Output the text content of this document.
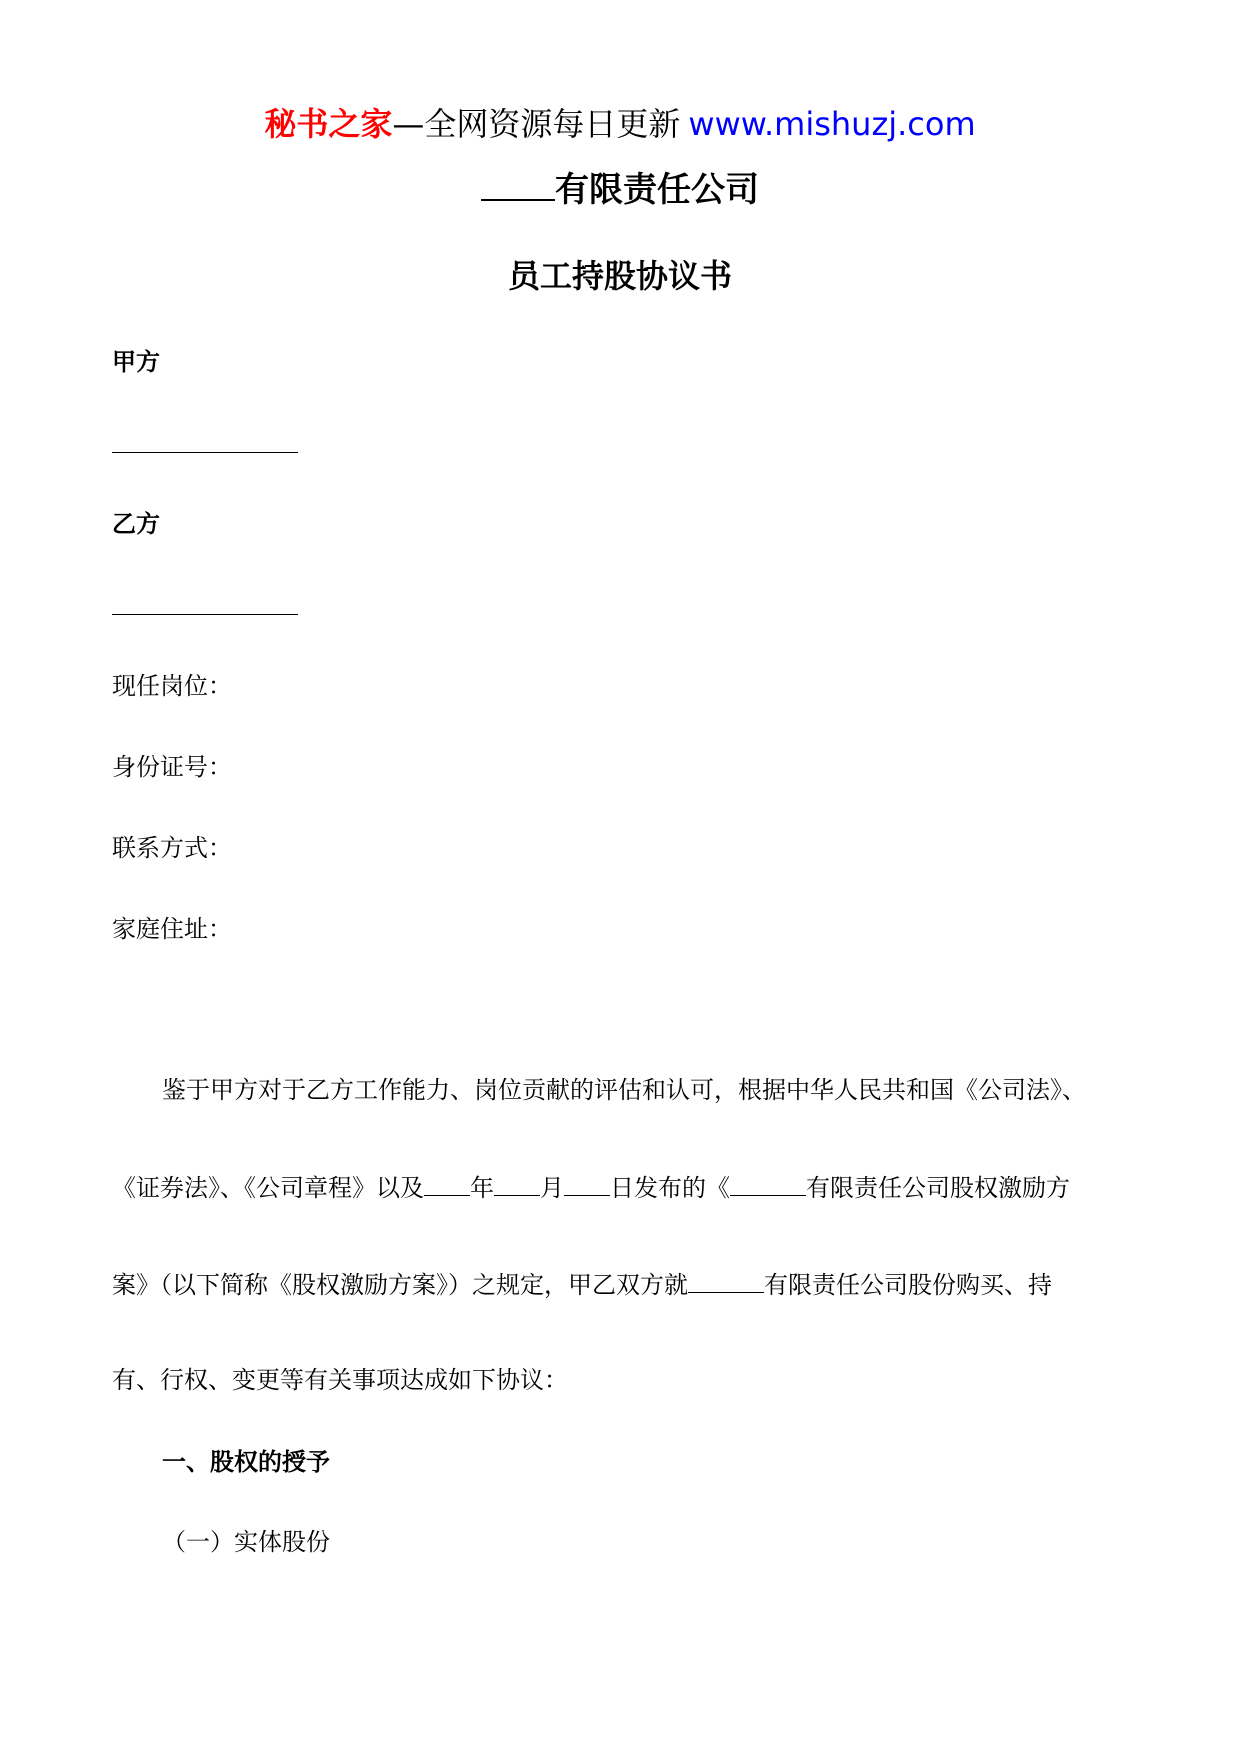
秘书之家—全网资源每日更新 www.mishuzj.com
有限责任公司
员工持股协议书
甲方
乙方
现任岗位：
身份证号：
联系方式：
家庭住址：
鉴于甲方对于乙方工作能力、岗位贡献的评估和认可，根据中华人民共和国《公司法》、
《证券法》、《公司章程》以及 年 月 日发布的《	有限责任公司股权激励方
案》（以下简称《股权激励方案》）之规定，甲乙双方就	有限责任公司股份购买、持
有、行权、变更等有关事项达成如下协议：
一、股权的授予
（一）实体股份
